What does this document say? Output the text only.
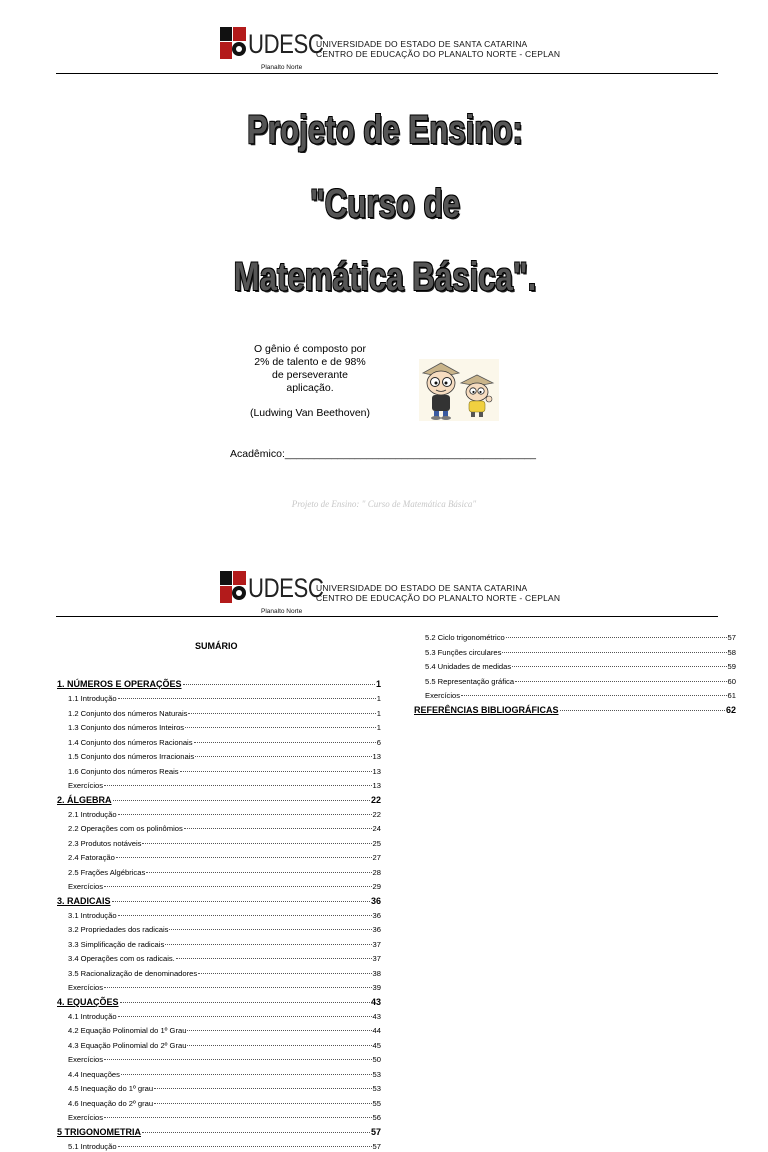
UDESC
UNIVERSIDADE DO ESTADO DE SANTA CATARINA
CENTRO DE EDUCAÇÃO DO PLANALTO NORTE - CEPLAN
Planalto Norte
Projeto de Ensino:
"Curso de
Matemática Básica".
O gênio é composto por
2% de talento e de 98%
de perseverante
aplicação.
(Ludwing Van Beethoven)
Acadêmico:___________________________________________
Projeto de Ensino: " Curso de Matemática Básica"
UDESC
UNIVERSIDADE DO ESTADO DE SANTA CATARINA
CENTRO DE EDUCAÇÃO DO PLANALTO NORTE - CEPLAN
Planalto Norte
SUMÁRIO
1. NÚMEROS E OPERAÇÕES	1
1.1 Introdução	1
1.2 Conjunto dos números Naturais	1
1.3 Conjunto dos números Inteiros	1
1.4 Conjunto dos números Racionais	6
1.5 Conjunto dos números Irracionais	13
1.6 Conjunto dos números Reais	13
Exercícios	13
2. ÁLGEBRA	22
2.1 Introdução	22
2.2 Operações com os polinômios	24
2.3 Produtos notáveis	25
2.4 Fatoração	27
2.5 Frações Algébricas	28
Exercícios	29
3. RADICAIS	36
3.1 Introdução	36
3.2 Propriedades dos radicais	36
3.3 Simplificação de radicais	37
3.4 Operações com os radicais.	37
3.5 Racionalização de denominadores	38
Exercícios	39
4. EQUAÇÕES	43
4.1 Introdução	43
4.2 Equação Polinomial do 1º Grau	44
4.3 Equação Polinomial do 2º Grau	45
Exercícios	50
4.4 Inequações	53
4.5 Inequação do 1º grau	53
4.6 Inequação do 2º grau	55
Exercícios	56
5 TRIGONOMETRIA	57
5.1 Introdução	57
5.2 Ciclo trigonométrico	57
5.3 Funções circulares	58
5.4 Unidades de medidas	59
5.5 Representação gráfica	60
Exercícios	61
REFERÊNCIAS BIBLIOGRÁFICAS	62
